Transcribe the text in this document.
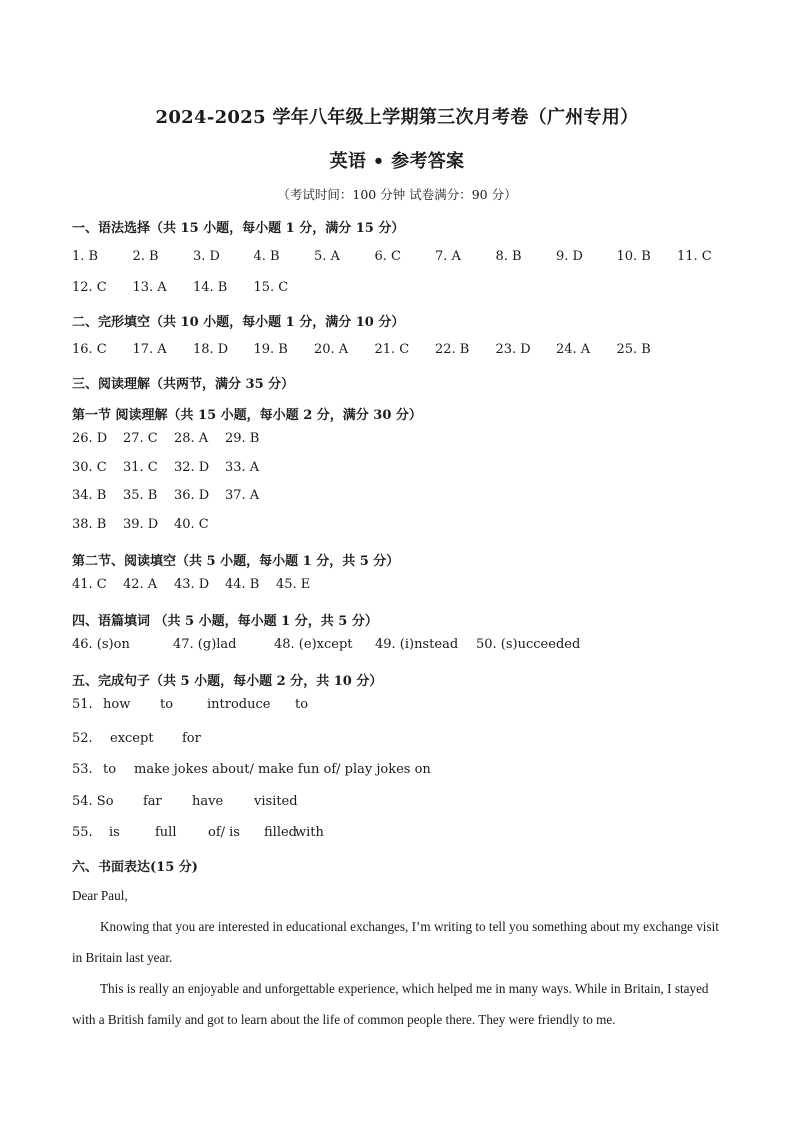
2024-2025 学年八年级上学期第三次月考卷（广州专用）
英语 • 参考答案
（考试时间：100 分钟 试卷满分：90 分）
一、语法选择（共 15 小题，每小题 1 分，满分 15 分）
1. B	2. B	3. D	4. B	5. A	6. C	7. A	8. B	9. D	10. B	11. C
12. C	13. A	14. B	15. C
二、完形填空（共 10 小题，每小题 1 分，满分 10 分）
16. C	17. A	18. D	19. B	20. A	21. C	22. B	23. D	24. A	25. B
三、阅读理解（共两节，满分 35 分）
第一节 阅读理解（共 15 小题，每小题 2 分，满分 30 分）
26. D	27. C	28. A	29. B
30. C	31. C	32. D	33. A
34. B	35. B	36. D	37. A
38. B	39. D	40. C
第二节、阅读填空（共 5 小题，每小题 1 分，共 5 分）
41. C	42. A	43. D	44. B	45. E
四、语篇填词 （共 5 小题，每小题 1 分，共 5 分）
46. (s)on	47. (g)lad	48. (e)xcept	49. (i)nstead	50. (s)ucceeded
五、完成句子（共 5 小题，每小题 2 分，共 10 分）
51. how	to	introduce	to
52.	except	for
53. to	make jokes about/ make fun of/ play jokes on
54. So	far	have	visited
55.	is	full	of/ is	filled
with
六、书面表达(15 分)

Dear Paul,

Knowing that you are interested in educational exchanges, I’m writing to tell you something about my exchange visit in Britain last year.

This is really an enjoyable and unforgettable experience, which helped me in many ways. While in Britain, I stayed with a British family and got to learn about the life of common people there. They were friendly to me.
